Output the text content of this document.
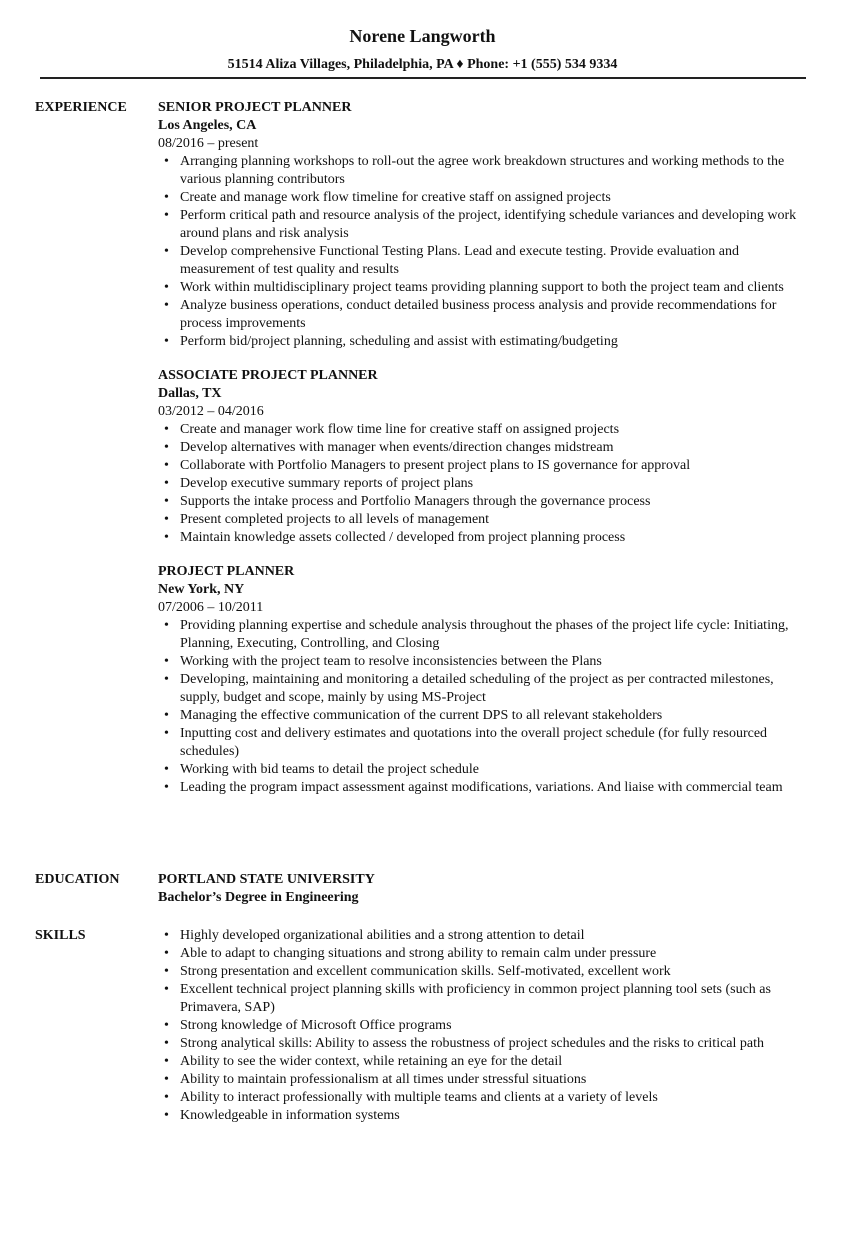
Norene Langworth
51514 Aliza Villages, Philadelphia, PA ♦ Phone: +1 (555) 534 9334
EXPERIENCE SENIOR PROJECT PLANNER
Los Angeles, CA
08/2016 – present
• Arranging planning workshops to roll-out the agree work breakdown structures and working methods to the various planning contributors
• Create and manage work flow timeline for creative staff on assigned projects
• Perform critical path and resource analysis of the project, identifying schedule variances and developing work around plans and risk analysis
• Develop comprehensive Functional Testing Plans. Lead and execute testing. Provide evaluation and measurement of test quality and results
• Work within multidisciplinary project teams providing planning support to both the project team and clients
• Analyze business operations, conduct detailed business process analysis and provide recommendations for process improvements
• Perform bid/project planning, scheduling and assist with estimating/budgeting
ASSOCIATE PROJECT PLANNER
Dallas, TX
03/2012 – 04/2016
• Create and manager work flow time line for creative staff on assigned projects
• Develop alternatives with manager when events/direction changes midstream
• Collaborate with Portfolio Managers to present project plans to IS governance for approval
• Develop executive summary reports of project plans
• Supports the intake process and Portfolio Managers through the governance process
• Present completed projects to all levels of management
• Maintain knowledge assets collected / developed from project planning process
PROJECT PLANNER
New York, NY
07/2006 – 10/2011
• Providing planning expertise and schedule analysis throughout the phases of the project life cycle: Initiating, Planning, Executing, Controlling, and Closing
• Working with the project team to resolve inconsistencies between the Plans
• Developing, maintaining and monitoring a detailed scheduling of the project as per contracted milestones, supply, budget and scope, mainly by using MS-Project
• Managing the effective communication of the current DPS to all relevant stakeholders
• Inputting cost and delivery estimates and quotations into the overall project schedule (for fully resourced schedules)
• Working with bid teams to detail the project schedule
• Leading the program impact assessment against modifications, variations. And liaise with commercial team
EDUCATION	PORTLAND STATE UNIVERSITY
Bachelor’s Degree in Engineering
SKILLS
•	Highly developed organizational abilities and a strong attention to detail
• Able to adapt to changing situations and strong ability to remain calm under pressure
• Strong presentation and excellent communication skills. Self-motivated, excellent work
• Excellent technical project planning skills with proficiency in common project planning tool sets (such as Primavera, SAP)
• Strong knowledge of Microsoft Office programs
• Strong analytical skills: Ability to assess the robustness of project schedules and the risks to critical path
• Ability to see the wider context, while retaining an eye for the detail
• Ability to maintain professionalism at all times under stressful situations
• Ability to interact professionally with multiple teams and clients at a variety of levels
• Knowledgeable in information systems
